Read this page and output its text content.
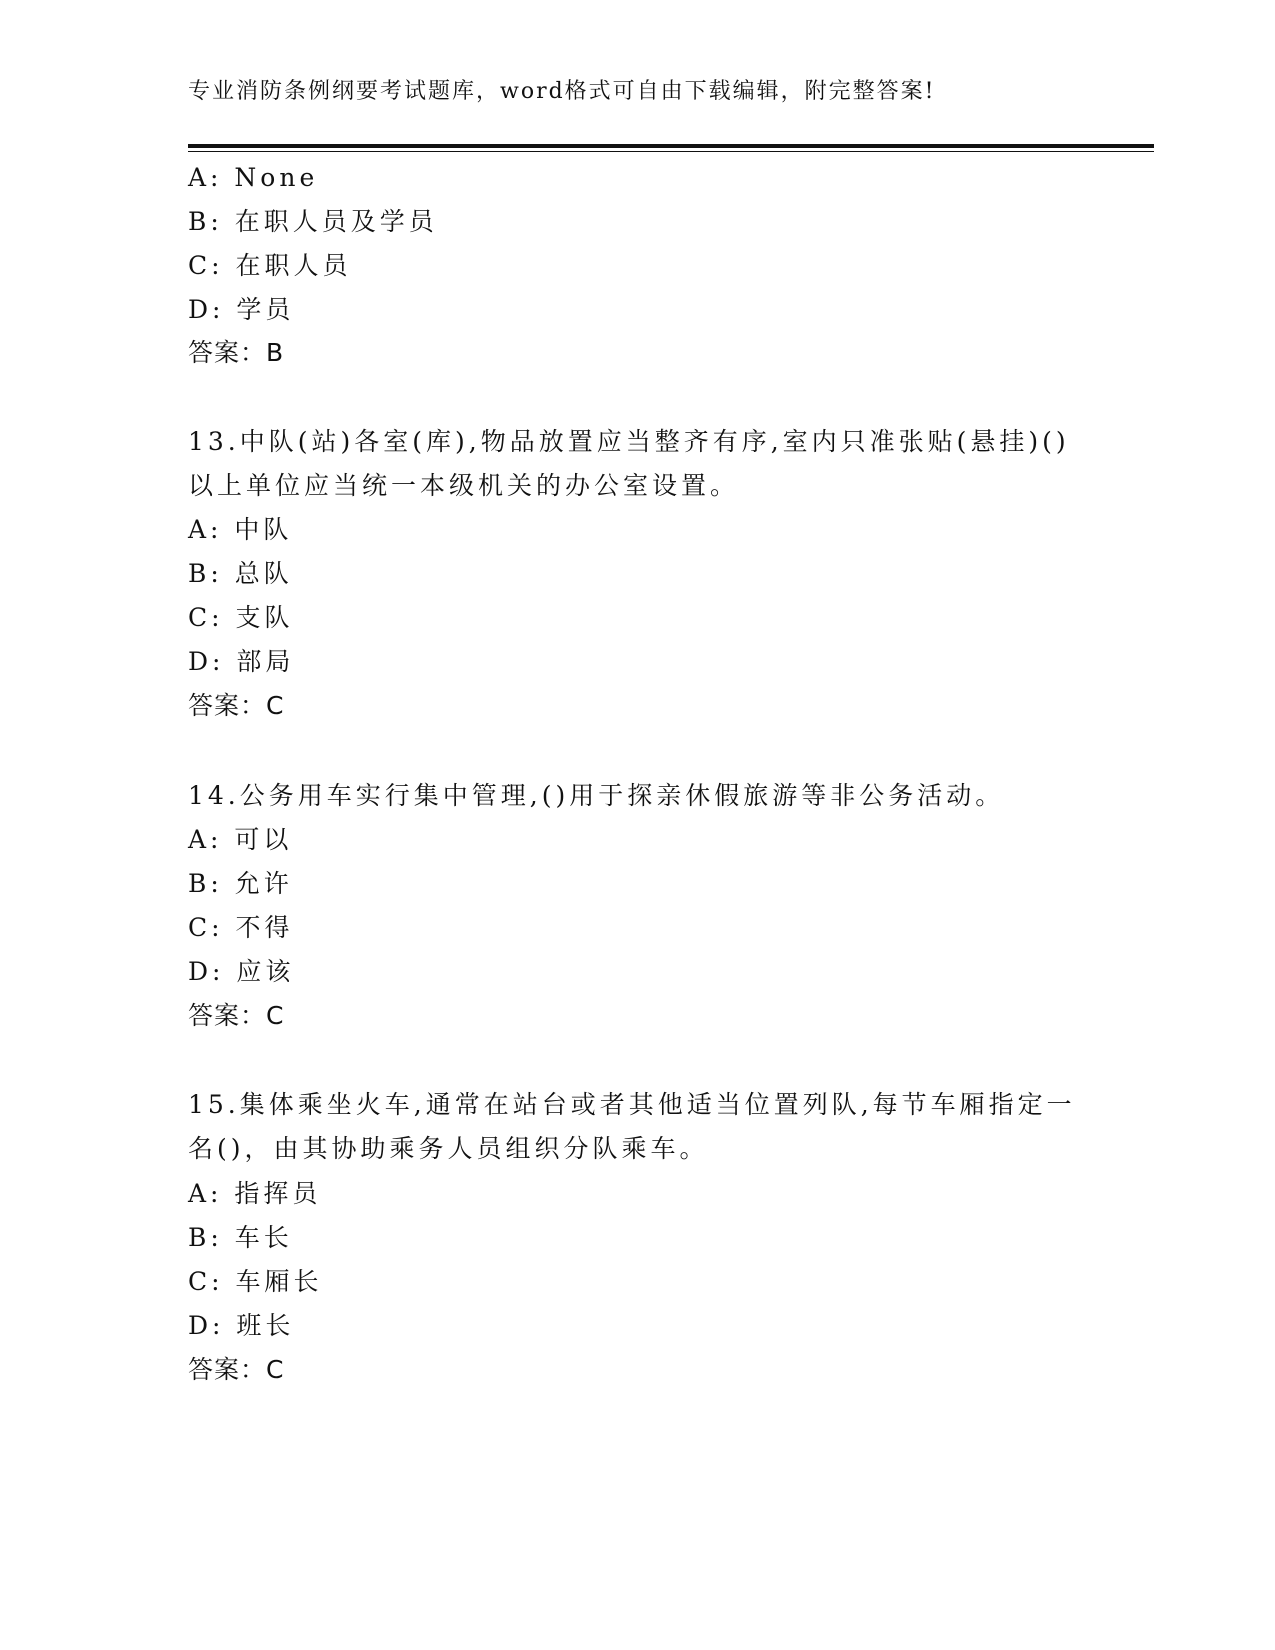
专业消防条例纲要考试题库，word格式可自由下载编辑，附完整答案!
A: None
B: 在职人员及学员
C: 在职人员
D: 学员
答案：B
13.中队(站)各室(库),物品放置应当整齐有序,室内只准张贴(悬挂)()
以上单位应当统一本级机关的办公室设置。
A: 中队
B: 总队
C: 支队
D: 部局
答案：C
14.公务用车实行集中管理,()用于探亲休假旅游等非公务活动。
A: 可以
B: 允许
C: 不得
D: 应该
答案：C
15.集体乘坐火车,通常在站台或者其他适当位置列队,每节车厢指定一
名()，由其协助乘务人员组织分队乘车。
A: 指挥员
B: 车长
C: 车厢长
D: 班长
答案：C
